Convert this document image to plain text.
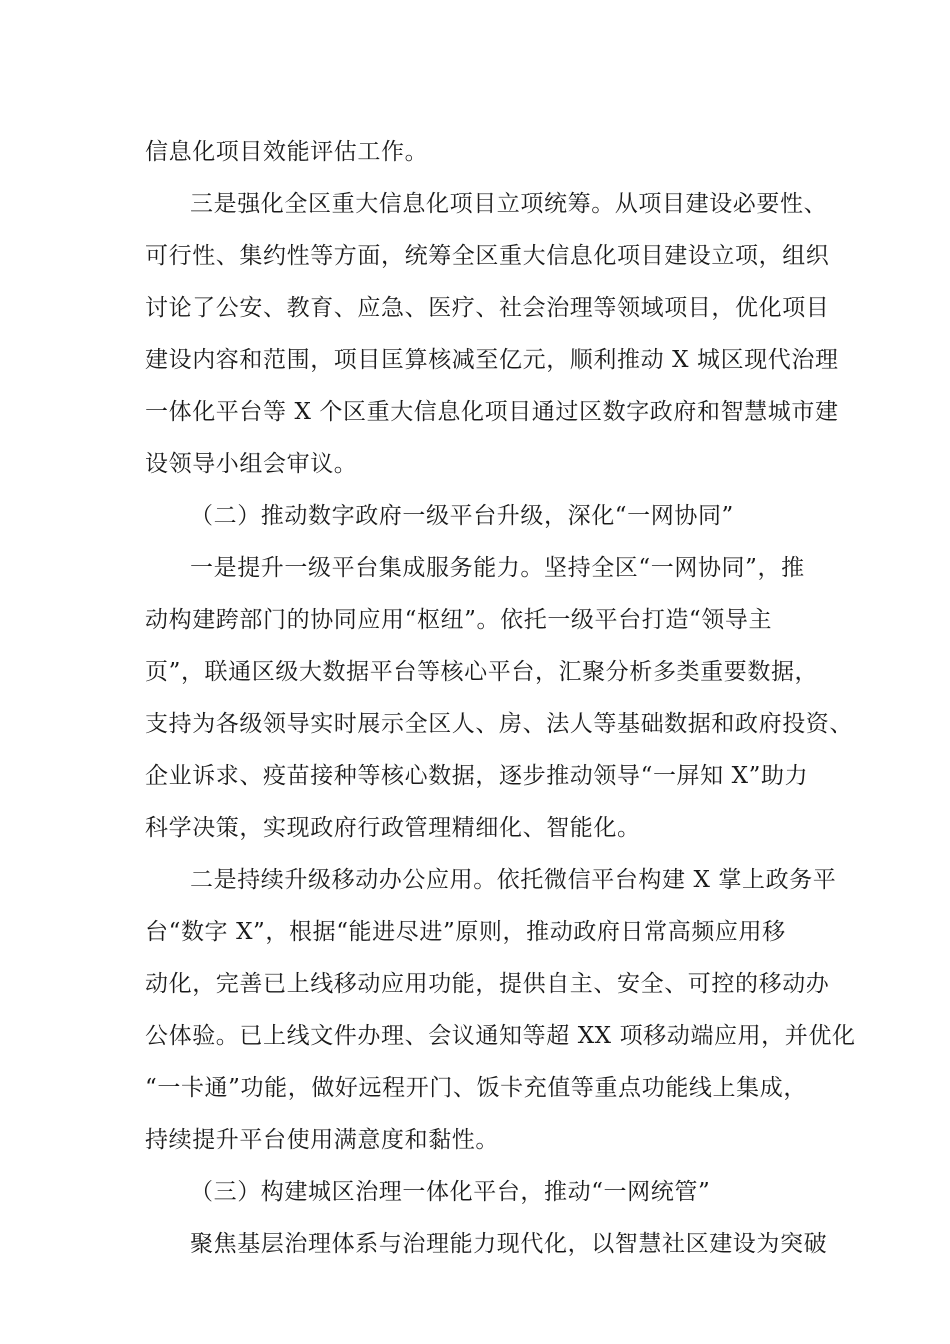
信息化项目效能评估工作。

三是强化全区重大信息化项目立项统筹。从项目建设必要性、

可行性、集约性等方面，统筹全区重大信息化项目建设立项，组织

讨论了公安、教育、应急、医疗、社会治理等领域项目，优化项目

建设内容和范围，项目匡算核减至亿元，顺利推动 X 城区现代治理

一体化平台等 X 个区重大信息化项目通过区数字政府和智慧城市建

设领导小组会审议。

（二）推动数字政府一级平台升级，深化“一网协同”

一是提升一级平台集成服务能力。坚持全区“一网协同”，推

动构建跨部门的协同应用“枢纽”。依托一级平台打造“领导主

页”，联通区级大数据平台等核心平台，汇聚分析多类重要数据，

支持为各级领导实时展示全区人、房、法人等基础数据和政府投资、

企业诉求、疫苗接种等核心数据，逐步推动领导“一屏知 X”助力

科学决策，实现政府行政管理精细化、智能化。

二是持续升级移动办公应用。依托微信平台构建 X 掌上政务平

台“数字 X”，根据“能进尽进”原则，推动政府日常高频应用移

动化，完善已上线移动应用功能，提供自主、安全、可控的移动办

公体验。已上线文件办理、会议通知等超 XX 项移动端应用，并优化

“一卡通”功能，做好远程开门、饭卡充值等重点功能线上集成，

持续提升平台使用满意度和黏性。

（三）构建城区治理一体化平台，推动“一网统管”

聚焦基层治理体系与治理能力现代化，以智慧社区建设为突破
